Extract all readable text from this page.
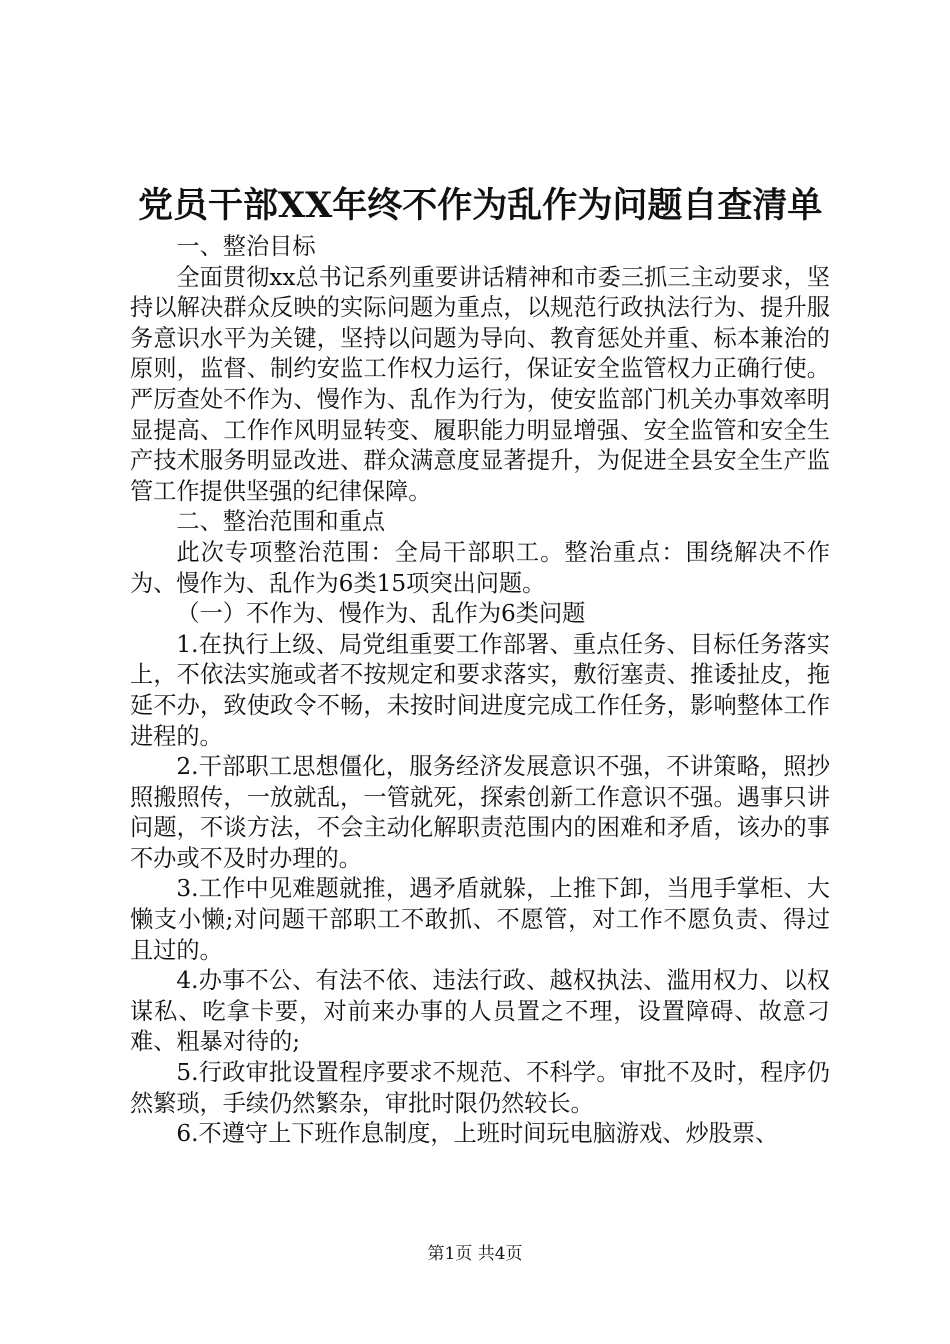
党员干部XX年终不作为乱作为问题自查清单

一、整治目标

全面贯彻xx总书记系列重要讲话精神和市委三抓三主动要求，坚持以解决群众反映的实际问题为重点，以规范行政执法行为、提升服务意识水平为关键，坚持以问题为导向、教育惩处并重、标本兼治的原则，监督、制约安监工作权力运行，保证安全监管权力正确行使。严厉查处不作为、慢作为、乱作为行为，使安监部门机关办事效率明显提高、工作作风明显转变、履职能力明显增强、安全监管和安全生产技术服务明显改进、群众满意度显著提升，为促进全县安全生产监管工作提供坚强的纪律保障。

二、整治范围和重点

此次专项整治范围：全局干部职工。整治重点：围绕解决不作为、慢作为、乱作为6类15项突出问题。

（一）不作为、慢作为、乱作为6类问题

1.在执行上级、局党组重要工作部署、重点任务、目标任务落实上，不依法实施或者不按规定和要求落实，敷衍塞责、推诿扯皮，拖延不办，致使政令不畅，未按时间进度完成工作任务，影响整体工作进程的。

2.干部职工思想僵化，服务经济发展意识不强，不讲策略，照抄照搬照传，一放就乱，一管就死，探索创新工作意识不强。遇事只讲问题，不谈方法，不会主动化解职责范围内的困难和矛盾，该办的事不办或不及时办理的。

3.工作中见难题就推，遇矛盾就躲，上推下卸，当甩手掌柜、大懒支小懒;对问题干部职工不敢抓、不愿管，对工作不愿负责、得过且过的。

4.办事不公、有法不依、违法行政、越权执法、滥用权力、以权谋私、吃拿卡要，对前来办事的人员置之不理，设置障碍、故意刁难、粗暴对待的;

5.行政审批设置程序要求不规范、不科学。审批不及时，程序仍然繁琐，手续仍然繁杂，审批时限仍然较长。

6.不遵守上下班作息制度，上班时间玩电脑游戏、炒股票、

第1页 共4页
